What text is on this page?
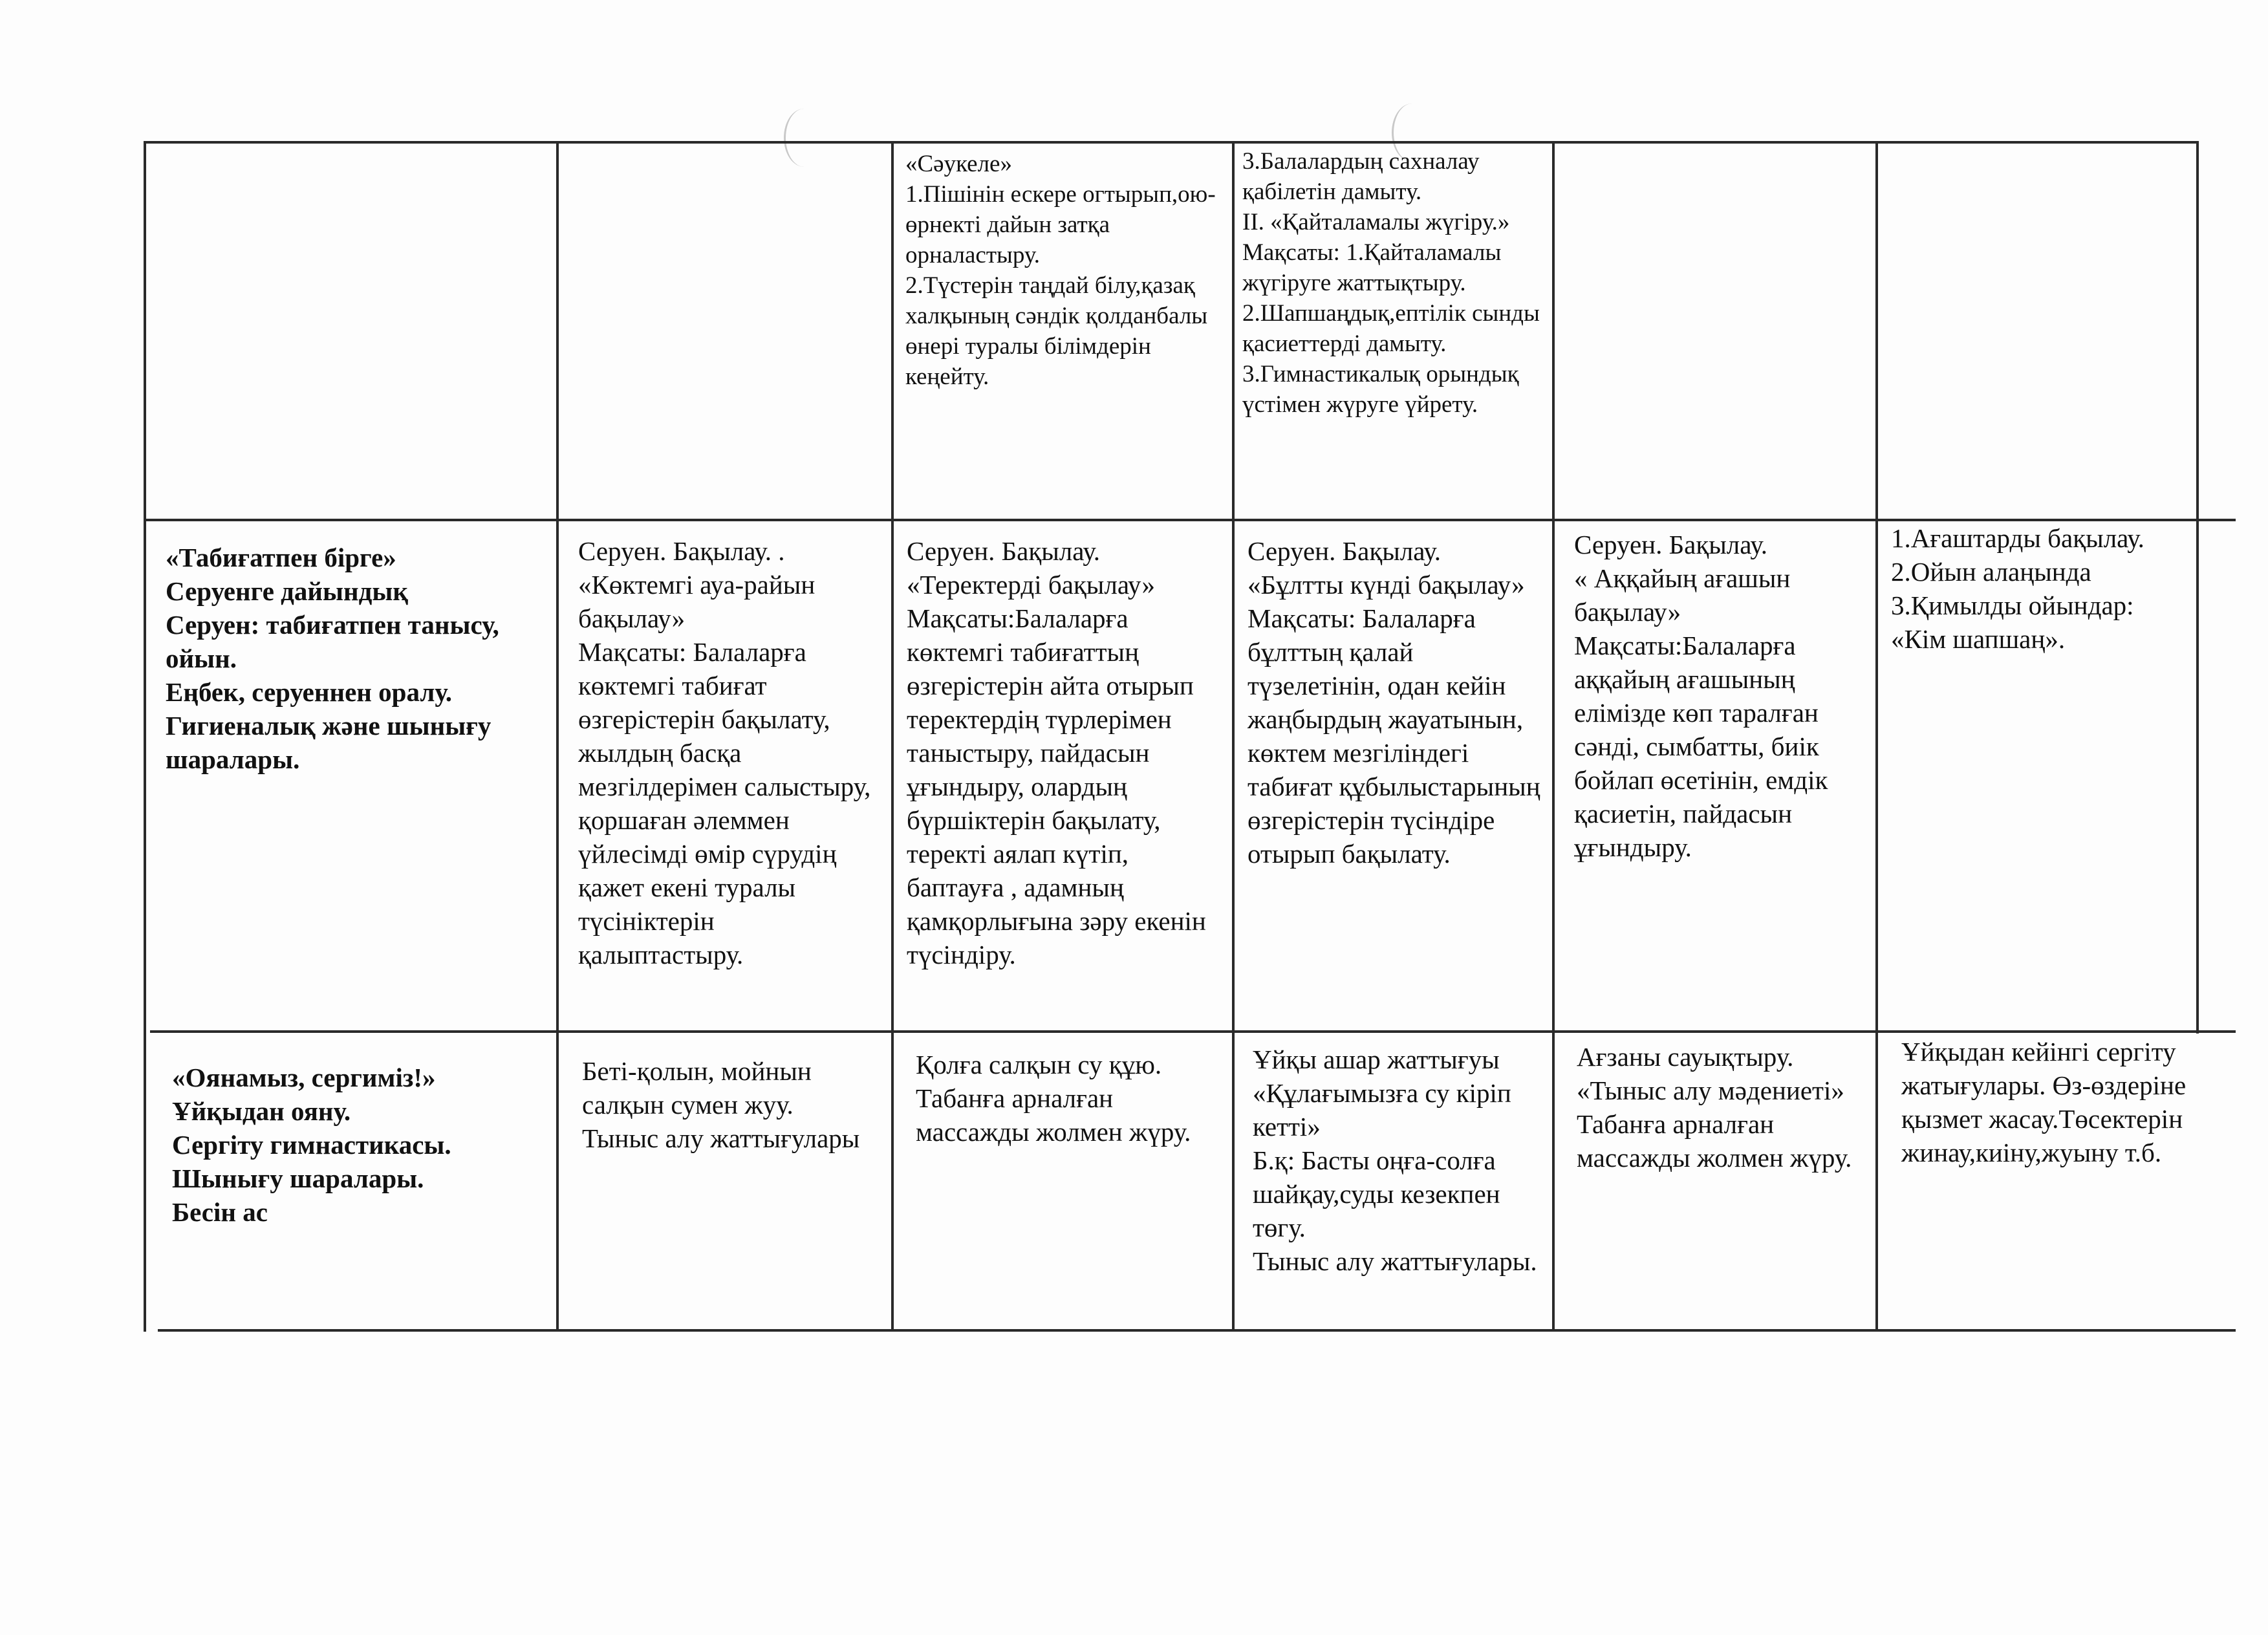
«Сәукеле»
1.Пішінін ескере огтырып,ою-өрнекті дайын затқа орналастыру.
2.Түстерін таңдай білу,қазақ халқының сәндік қолданбалы өнері туралы білімдерін кеңейту.
3.Балалардың сахналау қабілетін дамыту.
ІІ. «Қайталамалы жүгіру.»
Мақсаты: 1.Қайталамалы жүгіруге жаттықтыру.
2.Шапшаңдық,ептілік сынды қасиеттерді дамыту.
3.Гимнастикалық орындық үстімен жүруге үйрету.
«Табиғатпен бірге»
Серуенге дайындық
Серуен: табиғатпен танысу, ойын.
Еңбек, серуеннен оралу.
Гигиеналық және шынығу шаралары.
Серуен. Бақылау. .
«Көктемгі ауа-райын бақылау»
Мақсаты: Балаларға көктемгі табиғат өзгерістерін бақылату, жылдың басқа мезгілдерімен салыстыру, қоршаған әлеммен үйлесімді өмір сүрудің қажет екені туралы түсініктерін қалыптастыру.
Серуен. Бақылау.
«Теректерді бақылау»
Мақсаты:Балаларға көктемгі табиғаттың өзгерістерін айта отырып теректердің түрлерімен таныстыру, пайдасын ұғындыру, олардың бүршіктерін бақылату, теректі аялап күтіп, баптауға , адамның қамқорлығына зәру екенін түсіндіру.
Серуен. Бақылау.
«Бұлтты күнді бақылау»
Мақсаты: Балаларға бұлттың қалай түзелетінін, одан кейін жаңбырдың жауатынын, көктем мезгіліндегі табиғат құбылыстарының өзгерістерін түсіндіре отырып бақылату.
Серуен. Бақылау.
« Аққайың ағашын бақылау»
Мақсаты:Балаларға аққайың ағашының елімізде көп таралған сәнді, сымбатты, биік бойлап өсетінін, емдік қасиетін, пайдасын ұғындыру.
1.Ағаштарды бақылау.
2.Ойын алаңында
3.Қимылды ойындар: «Кім шапшаң».
«Оянамыз, сергиміз!»
Ұйқыдан ояну.
Сергіту гимнастикасы.
Шынығу шаралары.
Бесін ас
Беті-қолын, мойнын салқын сумен жуу.
Тыныс алу жаттығулары
Қолға салқын су құю.
Табанға арналған массажды жолмен жүру.
Ұйқы ашар жаттығуы
«Құлағымызға су кіріп кетті»
Б.қ: Басты оңға-солға шайқау,суды кезекпен төгу.
Тыныс алу жаттығулары.
Ағзаны сауықтыру.
«Тыныс алу мәдениеті»
Табанға арналған массажды жолмен жүру.
Ұйқыдан кейінгі сергіту жатығулары. Өз-өздеріне қызмет жасау.Төсектерін жинау,киіну,жуыну т.б.
